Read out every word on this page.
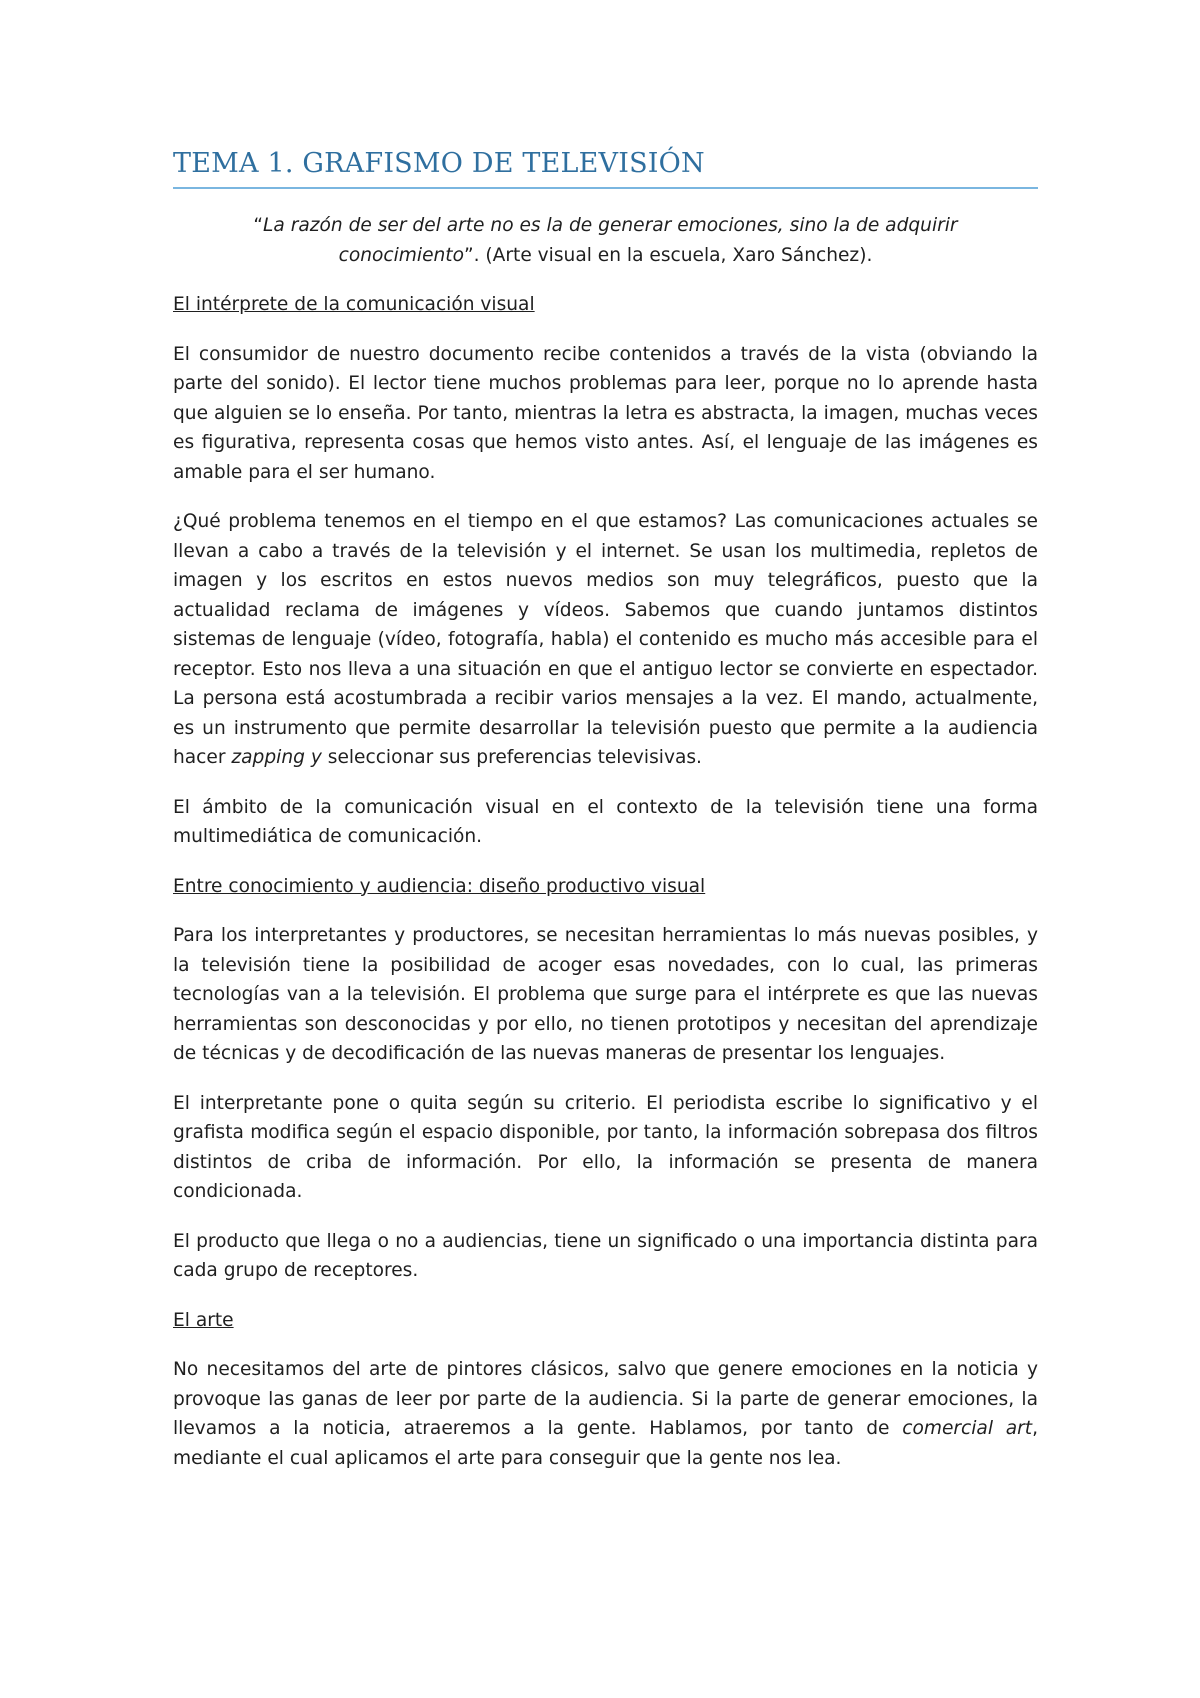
TEMA 1. GRAFISMO DE TELEVISIÓN

“La razón de ser del arte no es la de generar emociones, sino la de adquirir conocimiento”. (Arte visual en la escuela, Xaro Sánchez).

El intérprete de la comunicación visual

El consumidor de nuestro documento recibe contenidos a través de la vista (obviando la parte del sonido). El lector tiene muchos problemas para leer, porque no lo aprende hasta que alguien se lo enseña. Por tanto, mientras la letra es abstracta, la imagen, muchas veces es figurativa, representa cosas que hemos visto antes. Así, el lenguaje de las imágenes es amable para el ser humano.

¿Qué problema tenemos en el tiempo en el que estamos? Las comunicaciones actuales se llevan a cabo a través de la televisión y el internet. Se usan los multimedia, repletos de imagen y los escritos en estos nuevos medios son muy telegráficos, puesto que la actualidad reclama de imágenes y vídeos. Sabemos que cuando juntamos distintos sistemas de lenguaje (vídeo, fotografía, habla) el contenido es mucho más accesible para el receptor. Esto nos lleva a una situación en que el antiguo lector se convierte en espectador. La persona está acostumbrada a recibir varios mensajes a la vez. El mando, actualmente, es un instrumento que permite desarrollar la televisión puesto que permite a la audiencia hacer zapping y seleccionar sus preferencias televisivas.

El ámbito de la comunicación visual en el contexto de la televisión tiene una forma multimediática de comunicación.

Entre conocimiento y audiencia: diseño productivo visual

Para los interpretantes y productores, se necesitan herramientas lo más nuevas posibles, y la televisión tiene la posibilidad de acoger esas novedades, con lo cual, las primeras tecnologías van a la televisión. El problema que surge para el intérprete es que las nuevas herramientas son desconocidas y por ello, no tienen prototipos y necesitan del aprendizaje de técnicas y de decodificación de las nuevas maneras de presentar los lenguajes.

El interpretante pone o quita según su criterio. El periodista escribe lo significativo y el grafista modifica según el espacio disponible, por tanto, la información sobrepasa dos filtros distintos de criba de información. Por ello, la información se presenta de manera condicionada.

El producto que llega o no a audiencias, tiene un significado o una importancia distinta para cada grupo de receptores.

El arte

No necesitamos del arte de pintores clásicos, salvo que genere emociones en la noticia y provoque las ganas de leer por parte de la audiencia. Si la parte de generar emociones, la llevamos a la noticia, atraeremos a la gente. Hablamos, por tanto de comercial art, mediante el cual aplicamos el arte para conseguir que la gente nos lea.
